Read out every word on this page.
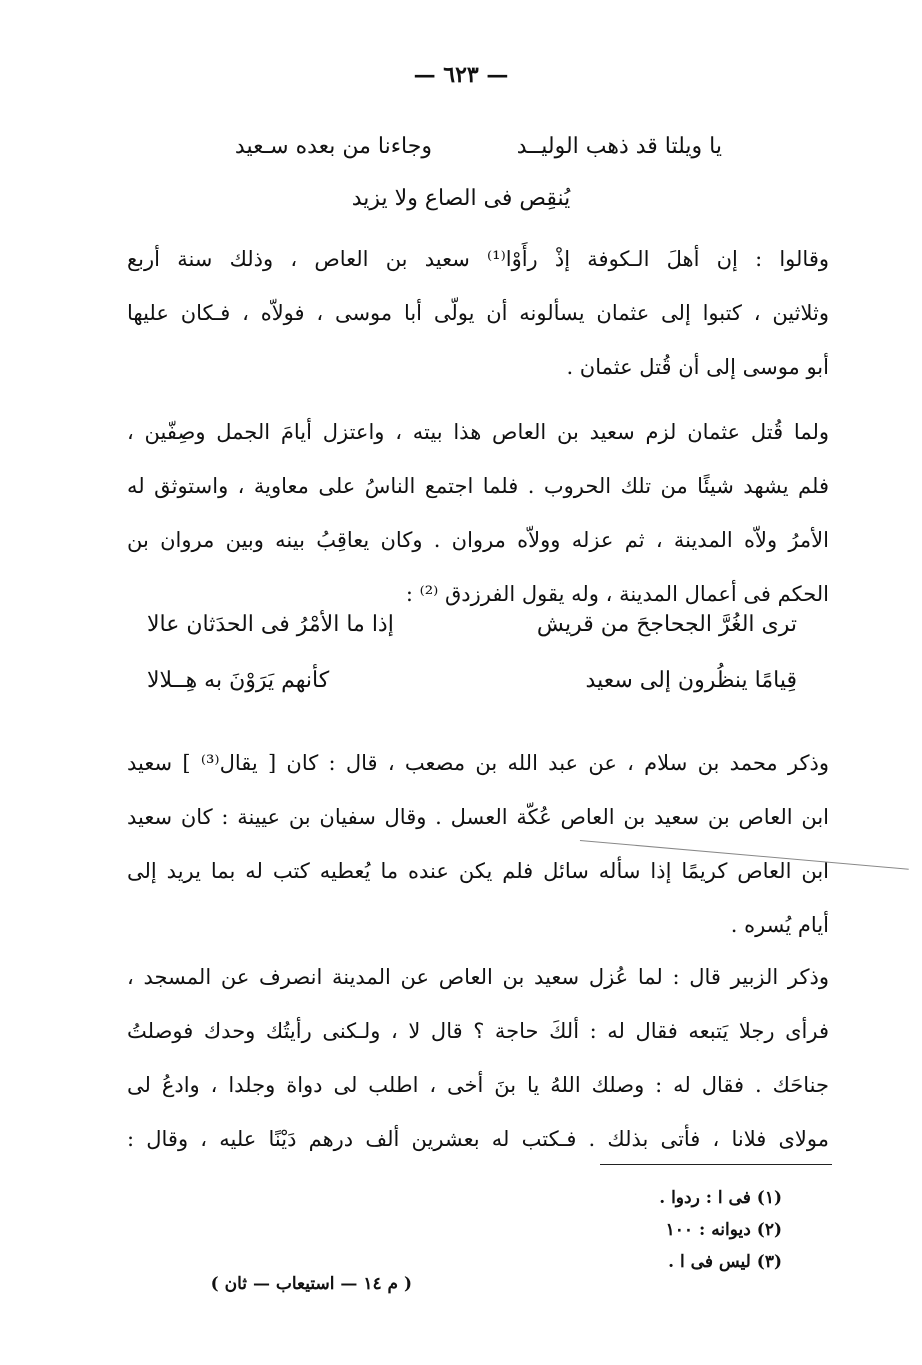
— ٦٢٣ —
يا ويلتا قد ذهب الوليــد
وجاءنا من بعده سـعيد
يُنقِص فى الصاع ولا يزيد
وقالوا : إن أهلَ الـكوفة إذْ رأَوْا⁽¹⁾ سعيد بن العاص ، وذلك سنة أربع
وثلاثين ، كتبوا إلى عثمان يسألونه أن يولّى أبا موسى ، فولاّه ، فـكان عليها
أبو موسى إلى أن قُتل عثمان .
ولما قُتل عثمان لزم سعيد بن العاص هذا بيته ، واعتزل أيامَ الجمل وصِفّين ،
فلم يشهد شيئًا من تلك الحروب . فلما اجتمع الناسُ على معاوية ، واستوثق له
الأمرُ ولاّه المدينة ، ثم عزله وولاّه مروان . وكان يعاقِبُ بينه وبين مروان بن
الحكم فى أعمال المدينة ، وله يقول الفرزدق ⁽²⁾ :
ترى الغُرَّ الجحاجحَ من قريش
إذا ما الأمْرُ فى الحدَثان عالا
قِيامًا ينظُرون إلى سعيد
كأنهم يَرَوْنَ به هِــلالا
وذكر محمد بن سلام ، عن عبد الله بن مصعب ، قال : كان [ يقال⁽³⁾ ] سعيد
ابن العاص بن سعيد بن العاص عُكّة العسل . وقال سفيان بن عيينة : كان سعيد
ابن العاص كريمًا إذا سأله سائل فلم يكن عنده ما يُعطيه كتب له بما يريد إلى
أيام يُسره .
وذكر الزبير قال : لما عُزل سعيد بن العاص عن المدينة انصرف عن المسجد ،
فرأى رجلا يَتبعه فقال له : ألكَ حاجة ؟ قال لا ، ولـكنى رأيتُك وحدك فوصلتُ
جناحَك . فقال له : وصلك اللهُ يا بنَ أخى ، اطلب لى دواة وجلدا ، وادعُ لى
مولاى فلانا ، فأتى بذلك . فـكتب له بعشرين ألف درهم دَيْنًا عليه ، وقال :
(١) فى ا : ردوا .
(٢) ديوانه : ١٠٠
(٣) ليس فى ا .
( م ١٤ — استيعاب — ثان )
